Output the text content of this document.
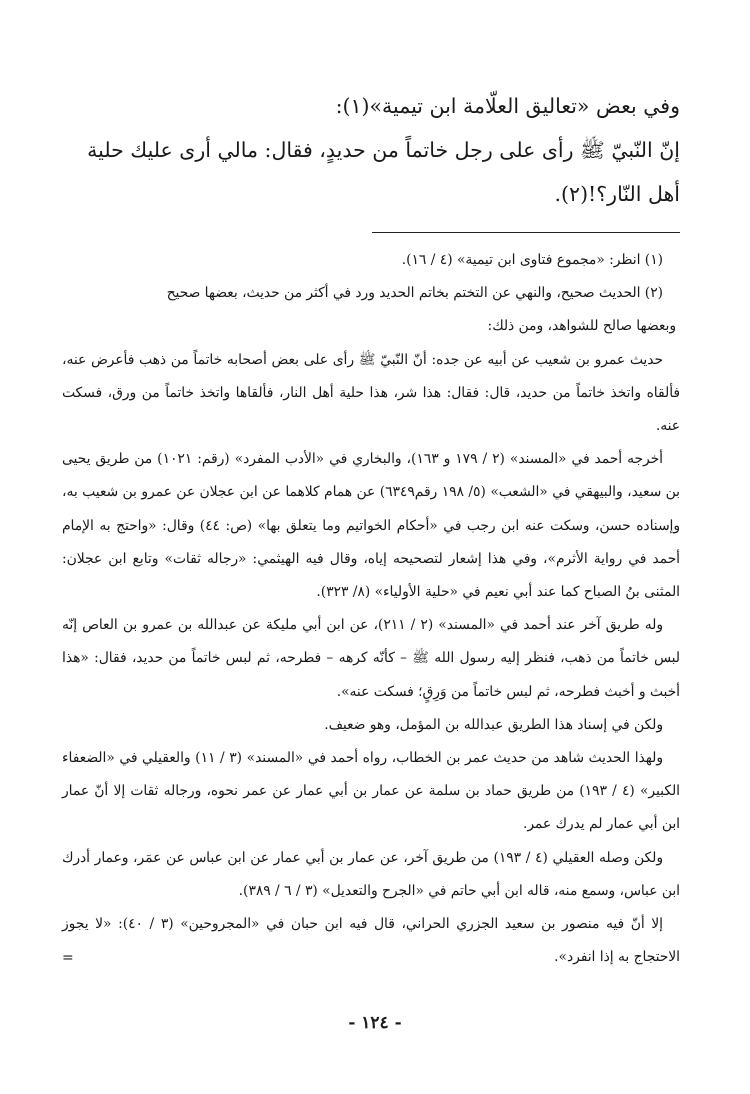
وفي بعض «تعاليق العلّامة ابن تيمية»(١):

إنّ النّبيّ ﷺ رأى على رجل خاتماً من حديدٍ، فقال: مالي أرى عليك حلية

أهل النّار؟!(٢).

(١) انظر: «مجموع فتاوى ابن تيمية» (٤ / ١٦).

(٢) الحديث صحيح، والنهي عن التختم بخاتم الحديد ورد في أكثر من حديث، بعضها صحيح

وبعضها صالح للشواهد، ومن ذلك:

حديث عمرو بن شعيب عن أبيه عن جده: أنّ النّبيّ ﷺ رأى على بعض أصحابه خاتماً من ذهب فأعرض عنه، فألقاه واتخذ خاتماً من حديد، قال: فقال: هذا شر، هذا حلية أهل النار، فألقاها واتخذ خاتماً من ورق، فسكت عنه.

أخرجه أحمد في «المسند» (٢ / ١٧٩ و ١٦٣)، والبخاري في «الأدب المفرد» (رقم: ١٠٢١) من طريق يحيى بن سعيد، والبيهقي في «الشعب» (٥/ ١٩٨ رقم٦٣٤٩) عن همام كلاهما عن ابن عجلان عن عمرو بن شعيب به، وإسناده حسن، وسكت عنه ابن رجب في «أحكام الخواتيم وما يتعلق بها» (ص: ٤٤) وقال: «واحتج به الإمام أحمد في رواية الأثرم»، وفي هذا إشعار لتصحيحه إياه، وقال فيه الهيثمي: «رجاله ثقات» وتابع ابن عجلان: المثنى بنُ الصباح كما عند أبي نعيم في «حلية الأولياء» (٨/ ٣٢٣).

وله طريق آخر عند أحمد في «المسند» (٢ / ٢١١)، عن ابن أبي مليكة عن عبدالله بن عمرو بن العاص إنّه لبس خاتماً من ذهب، فنظر إليه رسول الله ﷺ – كأنّه كرهه – فطرحه، ثم لبس خاتماً من حديد، فقال: «هذا أخبث و أخبث فطرحه، ثم لبس خاتماً من وَرِقٍ؛ فسكت عنه».

ولكن في إسناد هذا الطريق عبدالله بن المؤمل، وهو ضعيف.

ولهذا الحديث شاهد من حديث عمر بن الخطاب، رواه أحمد في «المسند» (٣ / ١١) والعقيلي في «الضعفاء الكبير» (٤ / ١٩٣) من طريق حماد بن سلمة عن عمار بن أبي عمار عن عمر نحوه، ورجاله ثقات إلا أنّ عمار ابن أبي عمار لم يدرك عمر.

ولكن وصله العقيلي (٤ / ١٩٣) من طريق آخر، عن عمار بن أبي عمار عن ابن عباس عن عمَر، وعمار أدرك ابن عباس، وسمع منه، قاله ابن أبي حاتم في «الجرح والتعديل» (٣ / ٦ / ٣٨٩).

إلا أنّ فيه منصور بن سعيد الجزري الحراني، قال فيه ابن حبان في «المجروحين» (٣ / ٤٠): «لا يجوز الاحتجاج به إذا انفرد».

=
- ١٢٤ -
